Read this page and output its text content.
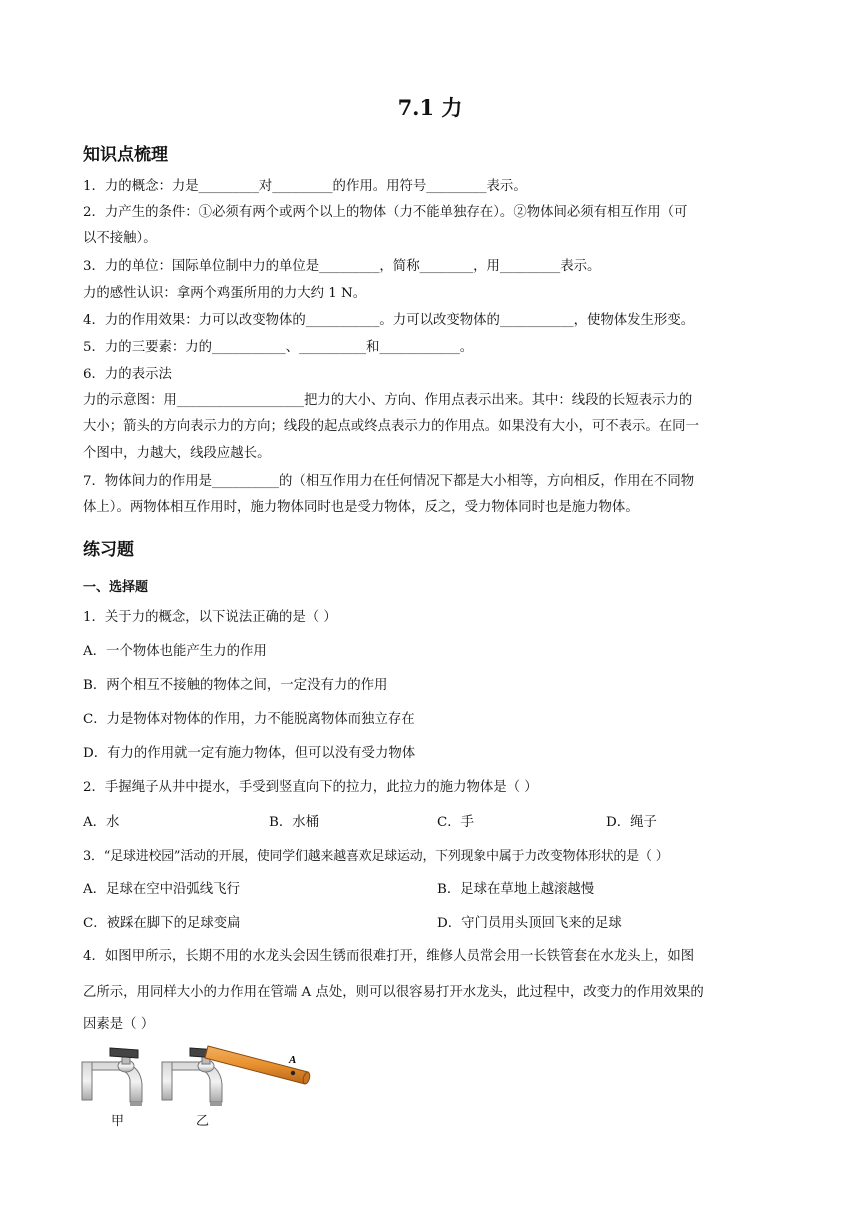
7.1 力
知识点梳理
1．力的概念：力是_________对_________的作用。用符号_________表示。
2．力产生的条件：①必须有两个或两个以上的物体（力不能单独存在）。②物体间必须有相互作用（可
以不接触）。
3．力的单位：国际单位制中力的单位是_________，简称________，用_________表示。
力的感性认识：拿两个鸡蛋所用的力大约 1 N。
4．力的作用效果：力可以改变物体的___________。力可以改变物体的___________，使物体发生形变。
5．力的三要素：力的___________、__________和____________。
6．力的表示法
力的示意图：用___________________把力的大小、方向、作用点表示出来。其中：线段的长短表示力的
大小；箭头的方向表示力的方向；线段的起点或终点表示力的作用点。如果没有大小，可不表示。在同一
个图中，力越大，线段应越长。
7．物体间力的作用是__________的（相互作用力在任何情况下都是大小相等，方向相反，作用在不同物
体上）。两物体相互作用时，施力物体同时也是受力物体，反之，受力物体同时也是施力物体。
练习题
一、选择题
1．关于力的概念，以下说法正确的是（ ）
A．一个物体也能产生力的作用
B．两个相互不接触的物体之间，一定没有力的作用
C．力是物体对物体的作用，力不能脱离物体而独立存在
D．有力的作用就一定有施力物体，但可以没有受力物体
2．手握绳子从井中提水，手受到竖直向下的拉力，此拉力的施力物体是（ ）
A．水	B．水桶	C．手	D．绳子
3．“足球进校园”活动的开展，使同学们越来越喜欢足球运动，下列现象中属于力改变物体形状的是（ ）
A．足球在空中沿弧线飞行	B．足球在草地上越滚越慢
C．被踩在脚下的足球变扁	D．守门员用头顶回飞来的足球
4．如图甲所示，长期不用的水龙头会因生锈而很难打开，维修人员常会用一长铁管套在水龙头上，如图
乙所示，用同样大小的力作用在管端 A 点处，则可以很容易打开水龙头，此过程中，改变力的作用效果的
因素是（ ）
A
甲	乙
